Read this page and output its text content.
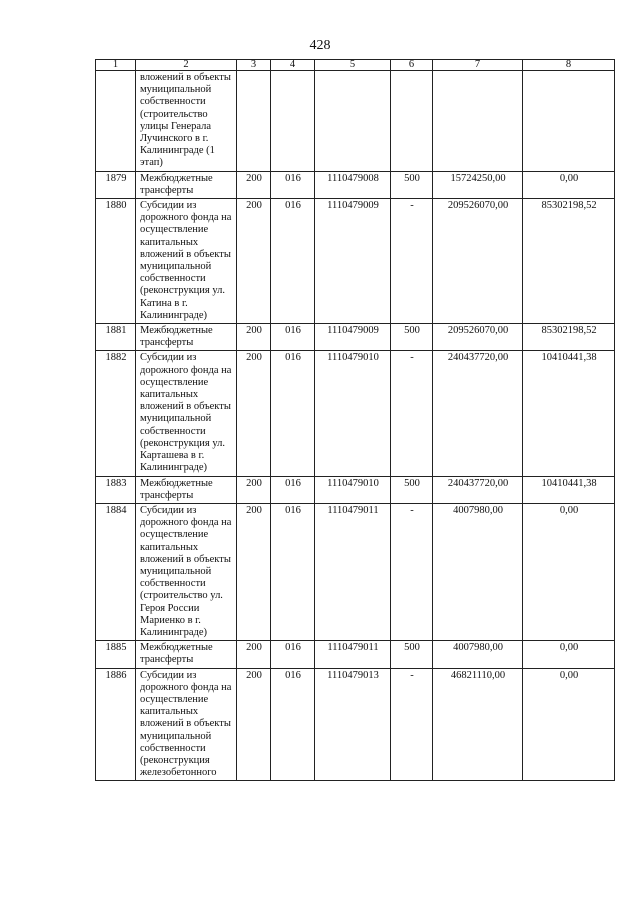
428
1	2	3	4	5	6	7	8
	вложений в объекты муниципальной собственности (строительство улицы Генерала Лучинского в г. Калининграде (1 этап)						
1879	Межбюджетные трансферты	200	016	1110479008	500	15724250,00	0,00
1880	Субсидии из дорожного фонда на осуществление капитальных вложений в объекты муниципальной собственности (реконструкция ул. Катина в г. Калининграде)	200	016	1110479009	-	209526070,00	85302198,52
1881	Межбюджетные трансферты	200	016	1110479009	500	209526070,00	85302198,52
1882	Субсидии из дорожного фонда на осуществление капитальных вложений в объекты муниципальной собственности (реконструкция ул. Карташева в г. Калининграде)	200	016	1110479010	-	240437720,00	10410441,38
1883	Межбюджетные трансферты	200	016	1110479010	500	240437720,00	10410441,38
1884	Субсидии из дорожного фонда на осуществление капитальных вложений в объекты муниципальной собственности (строительство ул. Героя России Мариенко в г. Калининграде)	200	016	1110479011	-	4007980,00	0,00
1885	Межбюджетные трансферты	200	016	1110479011	500	4007980,00	0,00
1886	Субсидии из дорожного фонда на осуществление капитальных вложений в объекты муниципальной собственности (реконструкция железобетонного	200	016	1110479013	-	46821110,00	0,00
